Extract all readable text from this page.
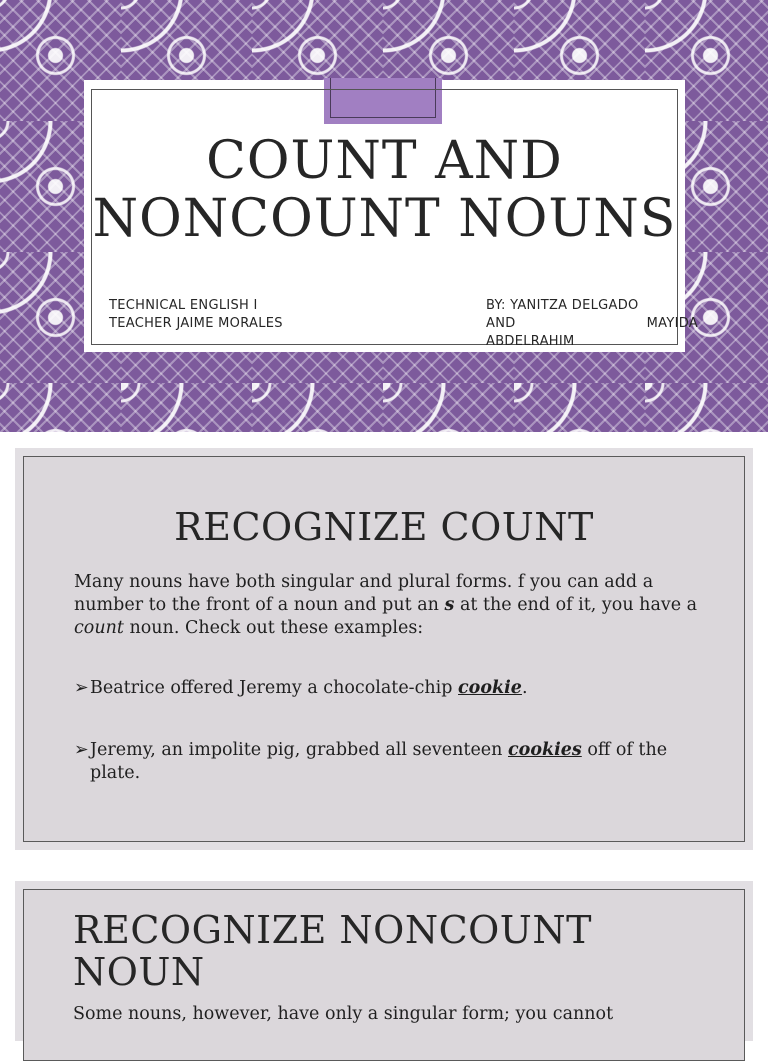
COUNT AND NONCOUNT NOUNS
TECHNICAL ENGLISH I TEACHER JAIME MORALES
BY: YANITZA DELGADO
AND	MAYIDA
ABDELRAHIM
RECOGNIZE COUNT

Many nouns have both singular and plural forms. f you can add a number to the front of a noun and put an s at the end of it, you have a count noun. Check out these examples:

➢ Beatrice offered Jeremy a chocolate-chip cookie.
➢ Jeremy, an impolite pig, grabbed all seventeen cookies off of the plate.
RECOGNIZE NONCOUNT NOUN
Some nouns, however, have only a singular form; you cannot
